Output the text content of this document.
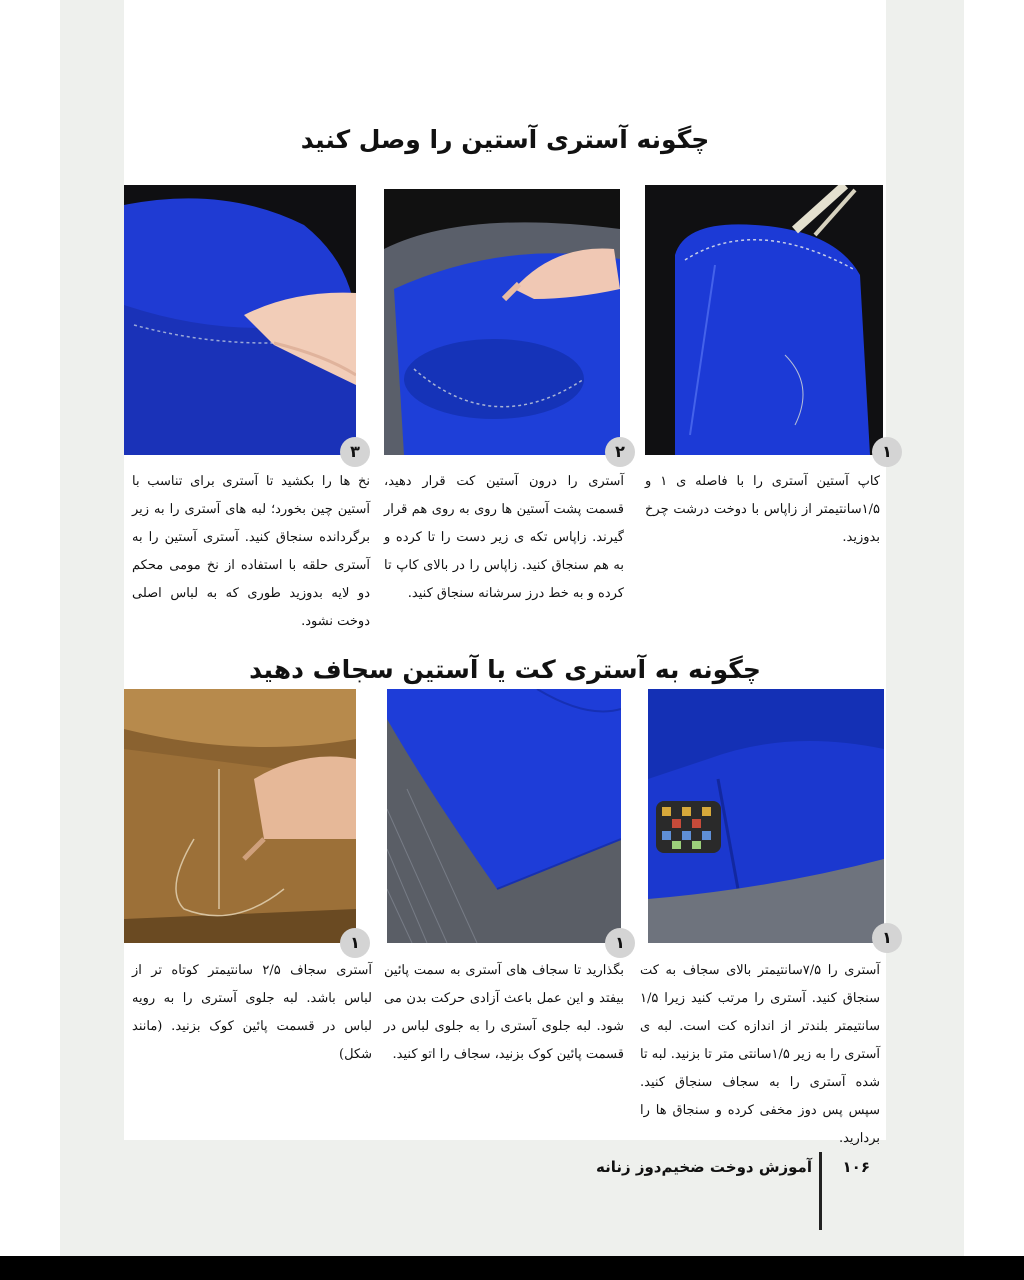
چگونه آستری آستین را وصل کنید
۱
۲
۳
کاپ آستین آستری را با فاصله ی ۱ و ۱/۵سانتیمتر از زاپاس با دوخت درشت چرخ بدوزید.
آستری را درون آستین کت قرار دهید، قسمت پشت آستین ها روی به روی هم قرار گیرند. زاپاس تکه ی زیر دست را تا کرده و به هم سنجاق کنید. زاپاس را در بالای کاپ تا کرده و به خط درز سرشانه سنجاق کنید.
نخ ها را بکشید تا آستری برای تناسب با آستین چین بخورد؛ لبه های آستری را به زیر برگردانده سنجاق کنید. آستری آستین را به آستری حلقه با استفاده از نخ مومی محکم دو لایه بدوزید طوری که به لباس اصلی دوخت نشود.
چگونه به آستری کت یا آستین سجاف دهید
۱
۱
۱
آستری را ۷/۵سانتیمتر بالای سجاف به کت سنجاق کنید. آستری را مرتب کنید زیرا ۱/۵ سانتیمتر بلندتر از اندازه کت است. لبه ی آستری را به زیر ۱/۵سانتی متر تا بزنید. لبه تا شده آستری را به سجاف سنجاق کنید. سپس پس دوز مخفی کرده و سنجاق ها را بردارید.
بگذارید تا سجاف های آستری به سمت پائین بیفتد و این عمل باعث آزادی حرکت بدن می شود. لبه جلوی آستری را به جلوی لباس در قسمت پائین کوک بزنید، سجاف را اتو کنید.
آستری سجاف ۲/۵ سانتیمتر کوتاه تر از لباس باشد. لبه جلوی آستری را به رویه لباس در قسمت پائین کوک بزنید. (مانند شکل)
۱۰۶
آموزش دوخت ضخیم‌دوز زنانه
